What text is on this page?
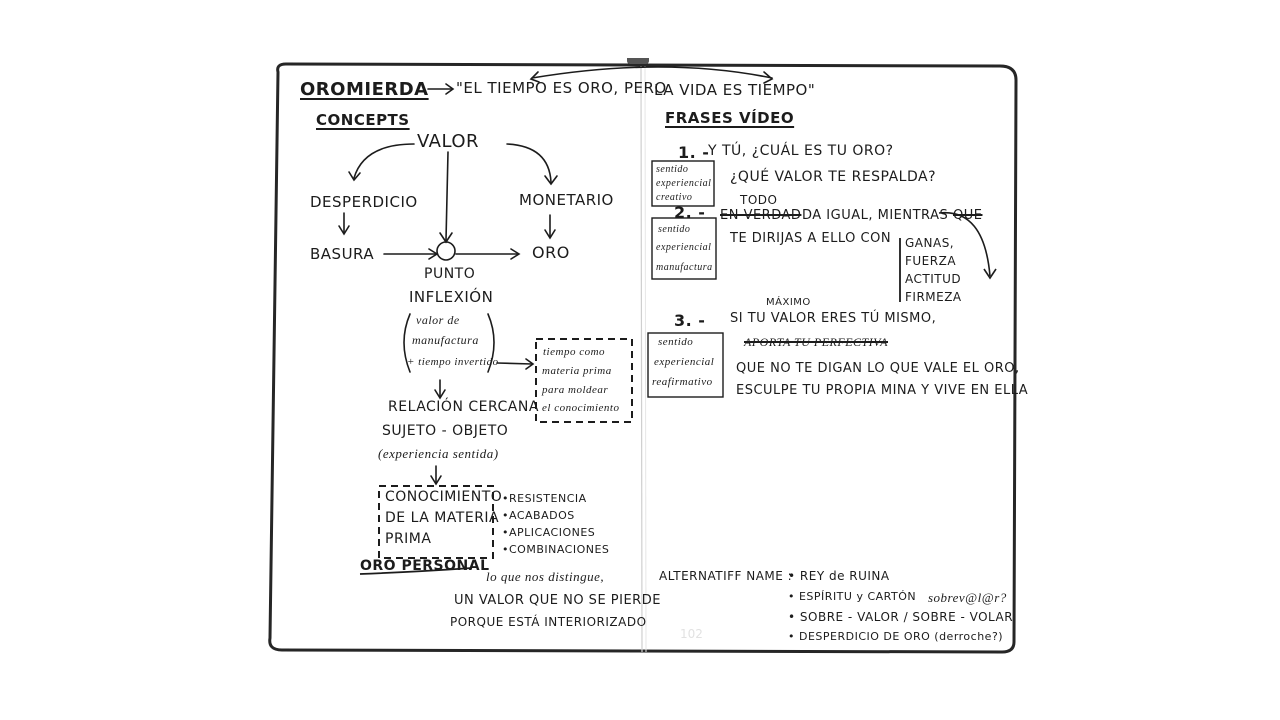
102
OROMIERDA "EL TIEMPO ES ORO, PERO
CONCEPTS
VALOR
DESPERDICIO	MONETARIO
BASURA	ORO
PUNTO
INFLEXIÓN
valor de
manufactura
+ tiempo invertido
tiempo como
materia prima
para moldear
el conocimiento
RELACIÓN CERCANA
SUJETO - OBJETO
(experiencia sentida)
CONOCIMIENTO
DE LA MATERIA
PRIMA
•RESISTENCIA
•ACABADOS
•APLICACIONES
•COMBINACIONES
ORO PERSONAL
lo que nos distingue,
UN VALOR QUE NO SE PIERDE
PORQUE ESTÁ INTERIORIZADO
LA VIDA ES TIEMPO"
FRASES VÍDEO
1. -
Y TÚ, ¿CUÁL ES TU ORO?
¿QUÉ VALOR TE RESPALDA?
sentido
experiencial
creativo
2. -
TODO
EN VERDAD DA IGUAL, MIENTRAS QUE
TE DIRIJAS A ELLO CON GANAS,
FUERZA
ACTITUD
FIRMEZA
sentido
experiencial
manufactura
3. -
MÁXIMO
SI TU VALOR ERES TÚ MISMO,
APORTA TU PERFECTIVA
QUE NO TE DIGAN LO QUE VALE EL ORO,
ESCULPE TU PROPIA MINA Y VIVE EN ELLA
sentido
experiencial
reafirmativo
ALTERNATIFF NAME :
• REY de RUINA
• ESPÍRITU y CARTÓN
• SOBRE - VALOR / SOBRE - VOLAR
• DESPERDICIO DE ORO (derroche?)
sobrev@l@r?
